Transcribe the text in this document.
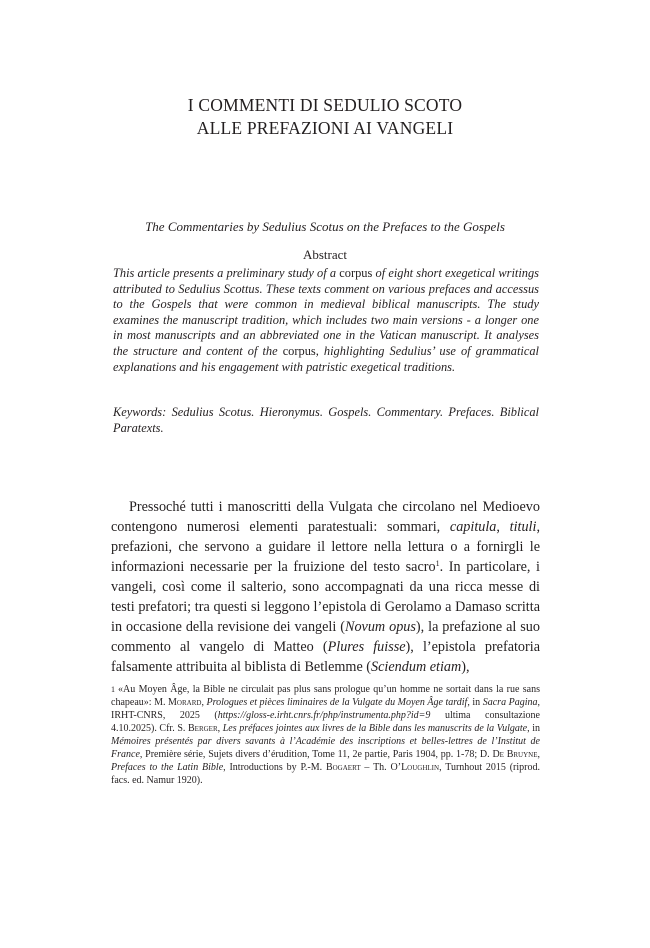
I COMMENTI DI SEDULIO SCOTO
ALLE PREFAZIONI AI VANGELI
The Commentaries by Sedulius Scotus on the Prefaces to the Gospels
Abstract

This article presents a preliminary study of a corpus of eight short exegetical writings attributed to Sedulius Scottus. These texts comment on various prefaces and accessus to the Gospels that were common in medieval biblical manuscripts. The study examines the manuscript tradition, which includes two main versions - a longer one in most manuscripts and an abbreviated one in the Vatican manuscript. It analyses the structure and content of the corpus, highlighting Sedulius’ use of grammatical explanations and his engagement with patristic exegetical traditions.

Keywords: Sedulius Scotus. Hieronymus. Gospels. Commentary. Prefaces. Biblical Paratexts.

Pressoché tutti i manoscritti della Vulgata che circolano nel Medioevo contengono numerosi elementi paratestuali: sommari, capitula, tituli, prefazioni, che servono a guidare il lettore nella lettura o a fornirgli le informazioni necessarie per la fruizione del testo sacro$^1$. In particolare, i vangeli, così come il salterio, sono accompagnati da una ricca messe di testi prefatori; tra questi si leggono l’epistola di Gerolamo a Damaso scritta in occasione della revisione dei vangeli (Novum opus), la prefazione al suo commento al vangelo di Matteo (Plures fuisse), l’epistola prefatoria falsamente attribuita al biblista di Betlemme (Sciendum etiam),

1 «Au Moyen Âge, la Bible ne circulait pas plus sans prologue qu’un homme ne sortait dans la rue sans chapeau»: M. Morard, Prologues et pièces liminaires de la Vulgate du Moyen Âge tardif, in Sacra Pagina, IRHT-CNRS, 2025 (https://gloss-e.irht.cnrs.fr/php/instrumenta.php?id=9 ultima consultazione 4.10.2025). Cfr. S. Berger, Les préfaces jointes aux livres de la Bible dans les manuscrits de la Vulgate, in Mémoires présentés par divers savants à l’Académie des inscriptions et belles-lettres de l’Institut de France, Première série, Sujets divers d’érudition, Tome 11, 2e partie, Paris 1904, pp. 1-78; D. De Bruyne, Prefaces to the Latin Bible, Introductions by P.-M. Bogaert – Th. O’Loughlin, Turnhout 2015 (riprod. facs. ed. Namur 1920).
